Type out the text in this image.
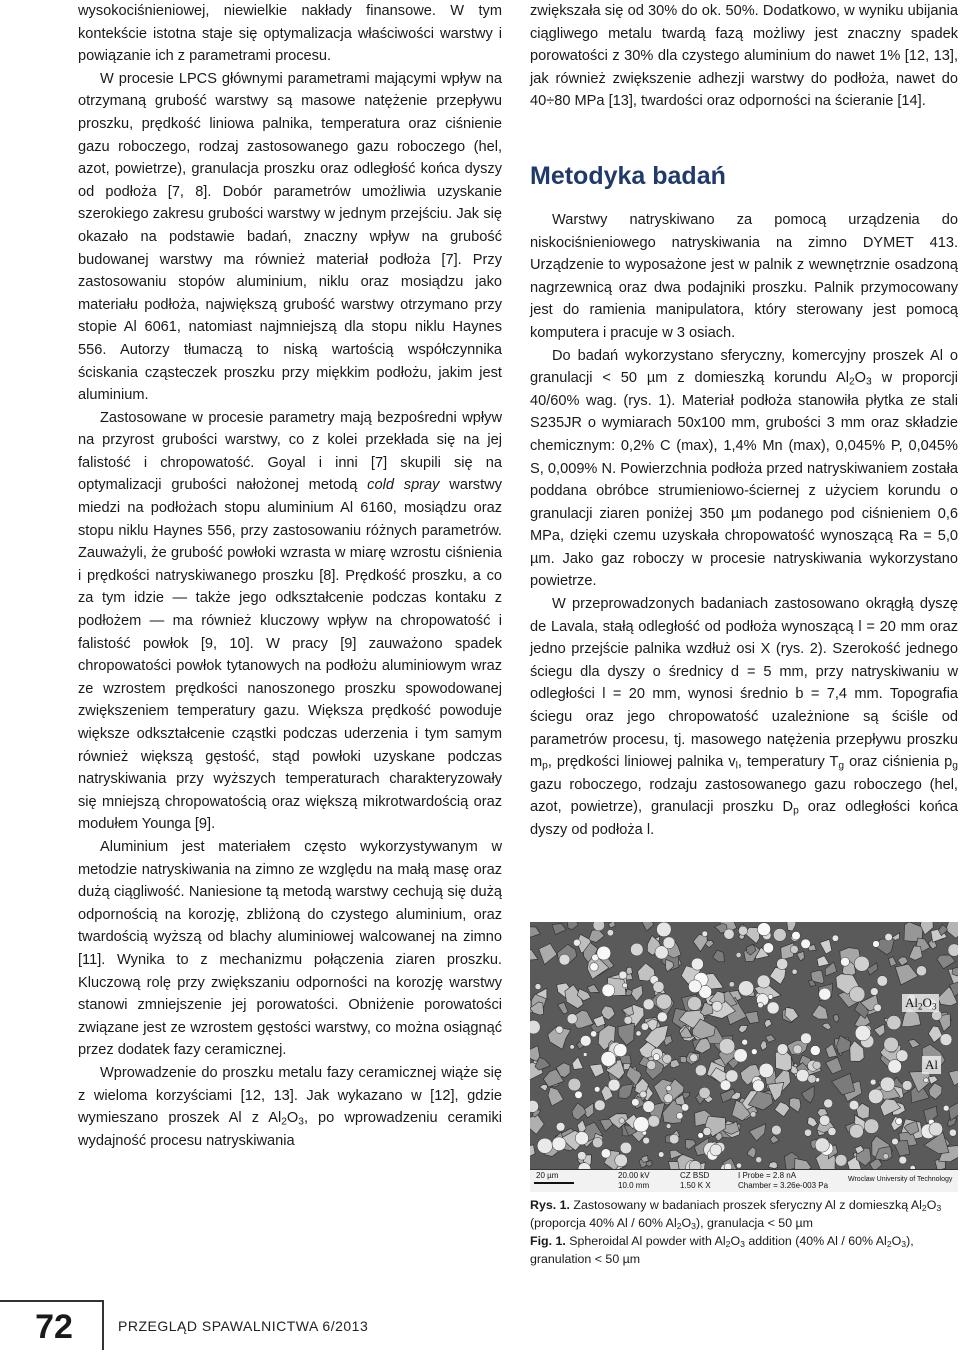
wysokociśnieniowej, niewielkie nakłady finansowe. W tym kontekście istotna staje się optymalizacja właściwości warstwy i powiązanie ich z parametrami procesu.

W procesie LPCS głównymi parametrami mającymi wpływ na otrzymaną grubość warstwy są masowe natężenie przepływu proszku, prędkość liniowa palnika, temperatura oraz ciśnienie gazu roboczego, rodzaj zastosowanego gazu roboczego (hel, azot, powietrze), granulacja proszku oraz odległość końca dyszy od podłoża [7, 8]. Dobór parametrów umożliwia uzyskanie szerokiego zakresu grubości warstwy w jednym przejściu. Jak się okazało na podstawie badań, znaczny wpływ na grubość budowanej warstwy ma również materiał podłoża [7]. Przy zastosowaniu stopów aluminium, niklu oraz mosiądzu jako materiału podłoża, największą grubość warstwy otrzymano przy stopie Al 6061, natomiast najmniejszą dla stopu niklu Haynes 556. Autorzy tłumaczą to niską wartością współczynnika ściskania cząsteczek proszku przy miękkim podłożu, jakim jest aluminium.

Zastosowane w procesie parametry mają bezpośredni wpływ na przyrost grubości warstwy, co z kolei przekłada się na jej falistość i chropowatość. Goyal i inni [7] skupili się na optymalizacji grubości nałożonej metodą cold spray warstwy miedzi na podłożach stopu aluminium Al 6160, mosiądzu oraz stopu niklu Haynes 556, przy zastosowaniu różnych parametrów. Zauważyli, że grubość powłoki wzrasta w miarę wzrostu ciśnienia i prędkości natryskiwanego proszku [8]. Prędkość proszku, a co za tym idzie — także jego odkształcenie podczas kontaku z podłożem — ma również kluczowy wpływ na chropowatość i falistość powłok [9, 10]. W pracy [9] zauważono spadek chropowatości powłok tytanowych na podłożu aluminiowym wraz ze wzrostem prędkości nanoszonego proszku spowodowanej zwiększeniem temperatury gazu. Większa prędkość powoduje większe odkształcenie cząstki podczas uderzenia i tym samym również większą gęstość, stąd powłoki uzyskane podczas natryskiwania przy wyższych temperaturach charakteryzowały się mniejszą chropowatością oraz większą mikrotwardością oraz modułem Younga [9].

Aluminium jest materiałem często wykorzystywanym w metodzie natryskiwania na zimno ze względu na małą masę oraz dużą ciągliwość. Naniesione tą metodą warstwy cechują się dużą odpornością na korozję, zbliżoną do czystego aluminium, oraz twardością wyższą od blachy aluminiowej walcowanej na zimno [11]. Wynika to z mechanizmu połączenia ziaren proszku. Kluczową rolę przy zwiększaniu odporności na korozję warstwy stanowi zmniejszenie jej porowatości. Obniżenie porowatości związane jest ze wzrostem gęstości warstwy, co można osiągnąć przez dodatek fazy ceramicznej.

Wprowadzenie do proszku metalu fazy ceramicznej wiąże się z wieloma korzyściami [12, 13]. Jak wykazano w [12], gdzie wymieszano proszek Al z $Al_2O_3$, po wprowadzeniu ceramiki wydajność procesu natryskiwania

zwiększała się od 30% do ok. 50%. Dodatkowo, w wyniku ubijania ciągliwego metalu twardą fazą możliwy jest znaczny spadek porowatości z 30% dla czystego aluminium do nawet 1% [12, 13], jak również zwiększenie adhezji warstwy do podłoża, nawet do 40÷80 MPa [13], twardości oraz odporności na ścieranie [14].

Metodyka badań

Warstwy natryskiwano za pomocą urządzenia do niskociśnieniowego natryskiwania na zimno DYMET 413. Urządzenie to wyposażone jest w palnik z wewnętrznie osadzoną nagrzewnicą oraz dwa podajniki proszku. Palnik przymocowany jest do ramienia manipulatora, który sterowany jest pomocą komputera i pracuje w 3 osiach.

Do badań wykorzystano sferyczny, komercyjny proszek Al o granulacji < 50 µm z domieszką korundu $Al_2O_3$ w proporcji 40/60% wag. (rys. 1). Materiał podłoża stanowiła płytka ze stali S235JR o wymiarach 50x100 mm, grubości 3 mm oraz składzie chemicznym: 0,2% C (max), 1,4% Mn (max), 0,045% P, 0,045% S, 0,009% N. Powierzchnia podłoża przed natryskiwaniem została poddana obróbce strumieniowo-ściernej z użyciem korundu o granulacji ziaren poniżej 350 µm podanego pod ciśnieniem 0,6 MPa, dzięki czemu uzyskała chropowatość wynoszącą Ra = 5,0 µm. Jako gaz roboczy w procesie natryskiwania wykorzystano powietrze.

W przeprowadzonych badaniach zastosowano okrągłą dyszę de Lavala, stałą odległość od podłoża wynoszącą l = 20 mm oraz jedno przejście palnika wzdłuż osi X (rys. 2). Szerokość jednego ściegu dla dyszy o średnicy d = 5 mm, przy natryskiwaniu w odległości l = 20 mm, wynosi średnio b = 7,4 mm. Topografia ściegu oraz jego chropowatość uzależnione są ściśle od parametrów procesu, tj. masowego natężenia przepływu proszku $m_p$, prędkości liniowej palnika $v_l$, temperatury $T_g$ oraz ciśnienia $p_g$ gazu roboczego, rodzaju zastosowanego gazu roboczego (hel, azot, powietrze), granulacji proszku $D_p$ oraz odległości końca dyszy od podłoża l.

$Al_2O_3$
Al
20 µm	20.00 kV
10.0 mm
CZ BSD
1.50 K X
I Probe = 2.8 nA
Chamber = 3.26e-003 Pa
Wroclaw University of Technology
Rys. 1. Zastosowany w badaniach proszek sferyczny Al z domieszką $Al_2O_3$ (proporcja 40% Al / 60% $Al_2O_3$), granulacja < 50 µm
Fig. 1. Spheroidal Al powder with $Al_2O_3$ addition (40% Al / 60% $Al_2O_3$), granulation < 50 µm
72	PRZEGLĄD SPAWALNICTWA 6/2013
